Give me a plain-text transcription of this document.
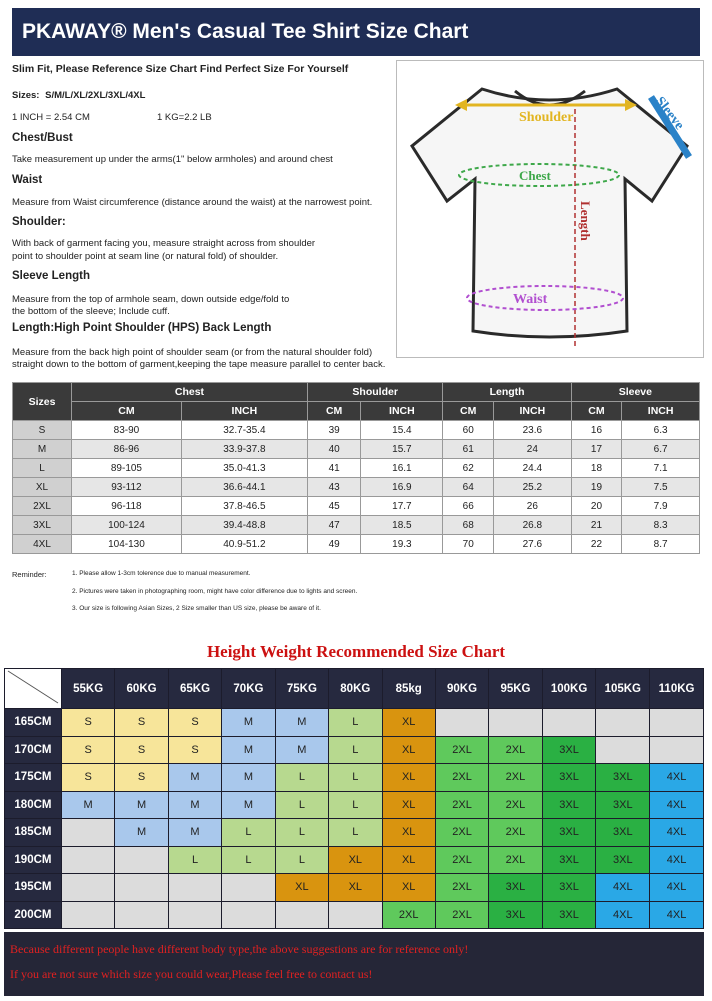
PKAWAY® Men's Casual Tee Shirt Size Chart
Slim Fit, Please Reference Size Chart Find Perfect Size For Yourself
Sizes: S/M/L/XL/2XL/3XL/4XL
1 INCH = 2.54 CM	1 KG=2.2 LB
Chest/Bust
Take measurement up under the arms(1" below armholes) and around chest
Waist
Measure from Waist circumference (distance around the waist) at the narrowest point.
Shoulder:
With back of garment facing you, measure straight across from shoulder
point to shoulder point at seam line (or natural fold) of shoulder.
Sleeve Length
Measure from the top of armhole seam, down outside edge/fold to
the bottom of the sleeve; Include cuff.
Length:High Point Shoulder (HPS) Back Length
Measure from the back high point of shoulder seam (or from the natural shoulder fold)
straight down to the bottom of garment,keeping the tape measure parallel to center back.
Shoulder	Sleeve
Chest
Length
Waist
Sizes	Chest		Shoulder		Length		Sleeve	
	CM	INCH	CM	INCH	CM	INCH	CM	INCH
S	83-90	32.7-35.4	39	15.4	60	23.6	16	6.3
M	86-96	33.9-37.8	40	15.7	61	24	17	6.7
L	89-105	35.0-41.3	41	16.1	62	24.4	18	7.1
XL	93-112	36.6-44.1	43	16.9	64	25.2	19	7.5
2XL	96-118	37.8-46.5	45	17.7	66	26	20	7.9
3XL	100-124	39.4-48.8	47	18.5	68	26.8	21	8.3
4XL	104-130	40.9-51.2	49	19.3	70	27.6	22	8.7
Reminder:	1. Please allow 1-3cm tolerence due to manual measurement.
2. Pictures were taken in photographing room, might have color difference due to lights and screen.
3. Our size is following Asian Sizes, 2 Size smaller than US size, please be aware of it.
Height Weight Recommended Size Chart
	55KG	60KG	65KG	70KG	75KG	80KG	85kg	90KG	95KG	100KG	105KG	110KG
165CM	S	S	S	M	M	L	XL					
170CM	S	S	S	M	M	L	XL	2XL	2XL	3XL		
175CM	S	S	M	M	L	L	XL	2XL	2XL	3XL	3XL	4XL
180CM	M	M	M	M	L	L	XL	2XL	2XL	3XL	3XL	4XL
185CM		M	M	L	L	L	XL	2XL	2XL	3XL	3XL	4XL
190CM			L	L	L	XL	XL	2XL	2XL	3XL	3XL	4XL
195CM					XL	XL	XL	2XL	3XL	3XL	4XL	4XL
200CM							2XL	2XL	3XL	3XL	4XL	4XL
Because different people have different body type,the above suggestions are for reference only!
If you are not sure which size you could wear,Please feel free to contact us!
